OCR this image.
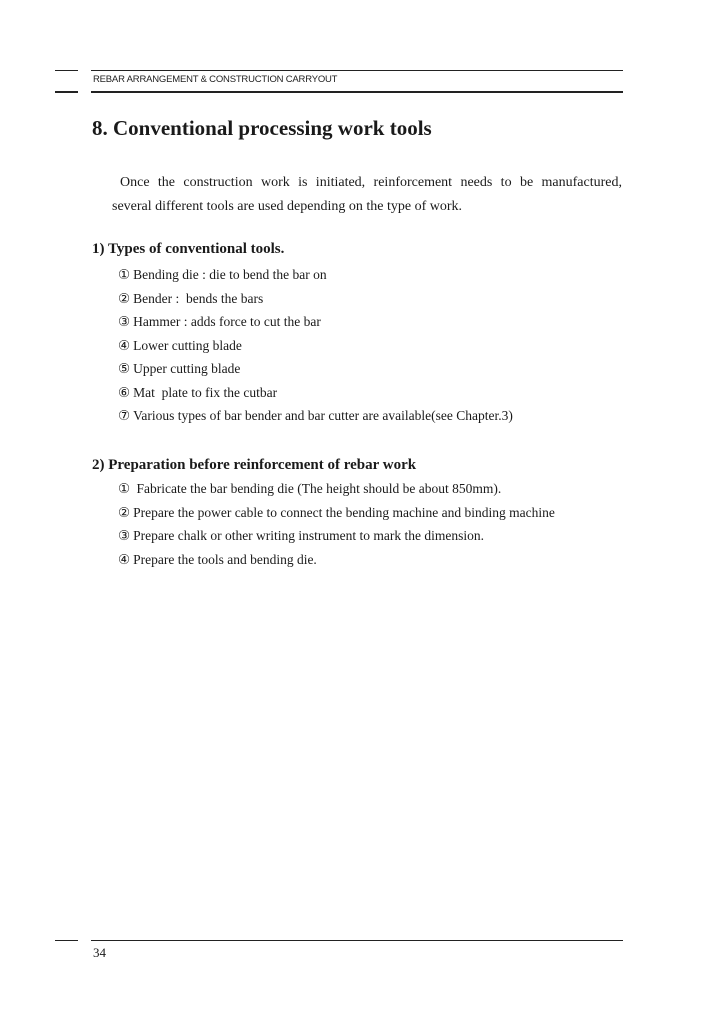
REBAR ARRANGEMENT & CONSTRUCTION CARRYOUT
8. Conventional processing work tools

Once the construction work is initiated, reinforcement needs to be manufactured,
several different tools are used depending on the type of work.

1) Types of conventional tools.
① Bending die : die to bend the bar on
② Bender :  bends the bars
③ Hammer : adds force to cut the bar
④ Lower cutting blade
⑤ Upper cutting blade
⑥ Mat  plate to fix the cutbar
⑦ Various types of bar bender and bar cutter are available(see Chapter.3)
2) Preparation before reinforcement of rebar work
① Fabricate the bar bending die (The height should be about 850mm).
② Prepare the power cable to connect the bending machine and binding machine
③ Prepare chalk or other writing instrument to mark the dimension.
④ Prepare the tools and bending die.
34
